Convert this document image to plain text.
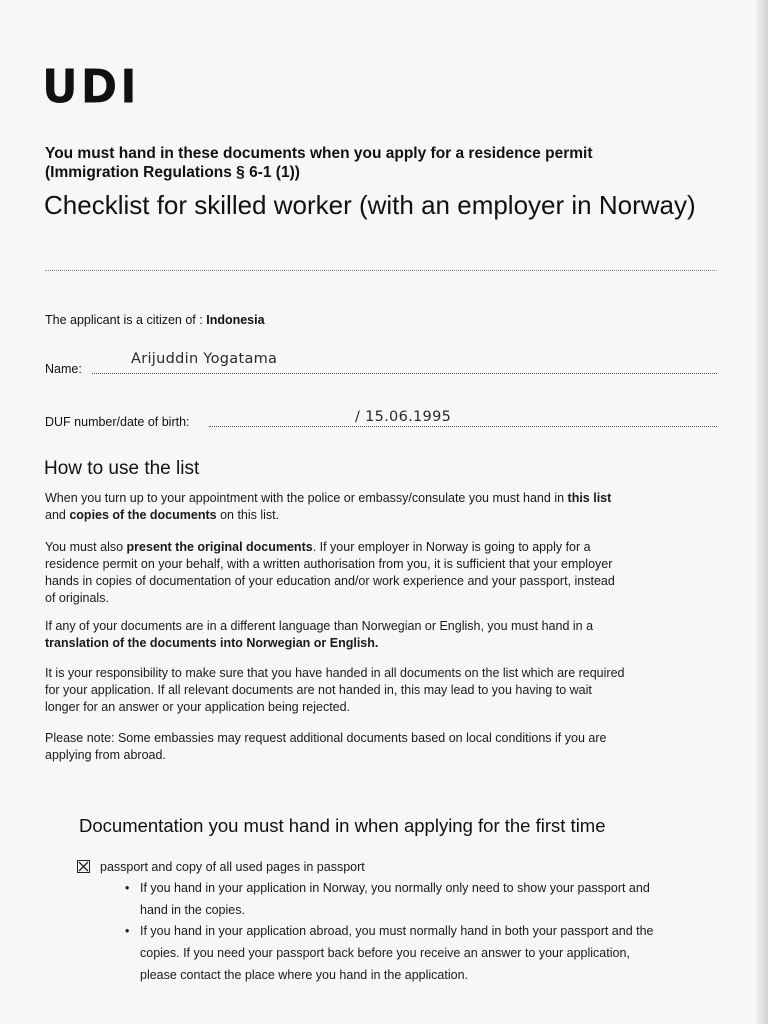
UDI
You must hand in these documents when you apply for a residence permit
(Immigration Regulations § 6-1 (1))
Checklist for skilled worker (with an employer in Norway)
The applicant is a citizen of : Indonesia
Name:
Arijuddin Yogatama
DUF number/date of birth:	/ 15.06.1995
How to use the list
When you turn up to your appointment with the police or embassy/consulate you must hand in this list and copies of the documents on this list.
You must also present the original documents. If your employer in Norway is going to apply for a residence permit on your behalf, with a written authorisation from you, it is sufficient that your employer hands in copies of documentation of your education and/or work experience and your passport, instead of originals.
If any of your documents are in a different language than Norwegian or English, you must hand in a translation of the documents into Norwegian or English.
It is your responsibility to make sure that you have handed in all documents on the list which are required for your application. If all relevant documents are not handed in, this may lead to you having to wait longer for an answer or your application being rejected.
Please note: Some embassies may request additional documents based on local conditions if you are applying from abroad.
Documentation you must hand in when applying for the first time
passport and copy of all used pages in passport
• If you hand in your application in Norway, you normally only need to show your passport and hand in the copies.
• If you hand in your application abroad, you must normally hand in both your passport and the copies. If you need your passport back before you receive an answer to your application, please contact the place where you hand in the application.
